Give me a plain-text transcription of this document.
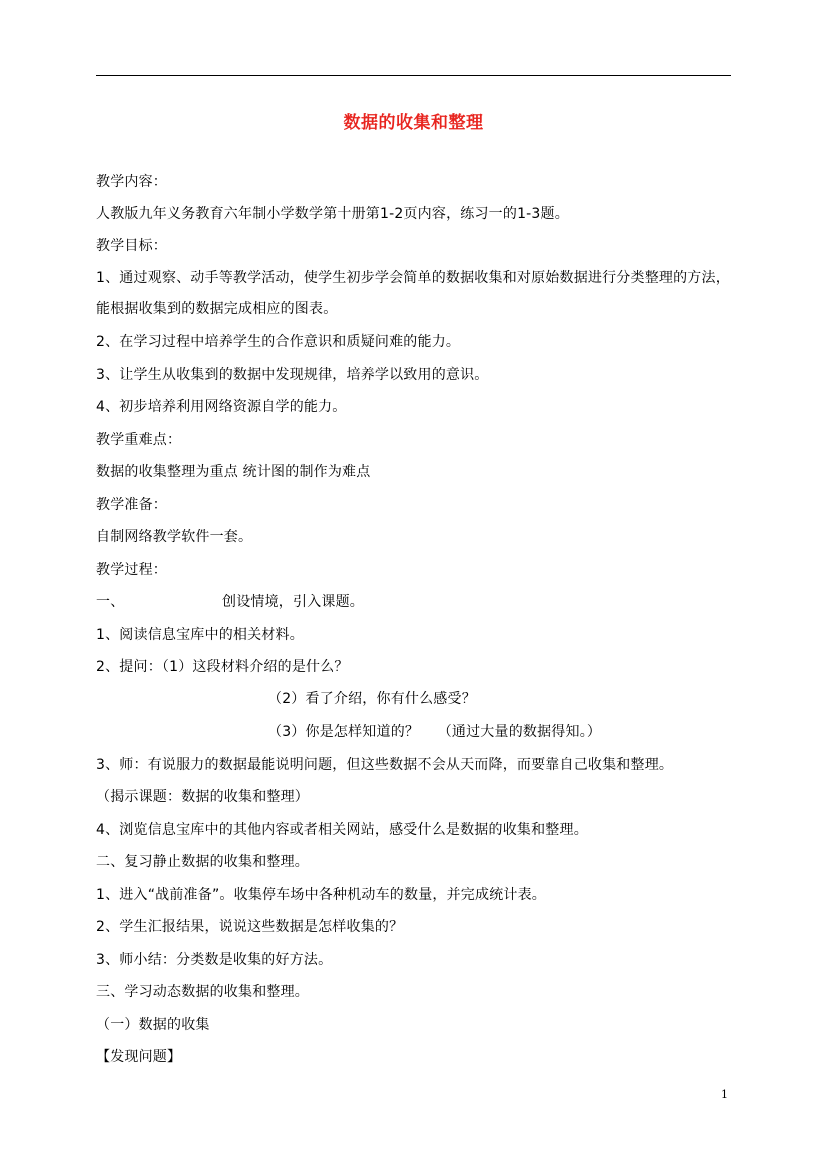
数据的收集和整理
教学内容：
人教版九年义务教育六年制小学数学第十册第1-2页内容，练习一的1-3题。
教学目标：
1、通过观察、动手等教学活动，使学生初步学会简单的数据收集和对原始数据进行分类整理的方法，
能根据收集到的数据完成相应的图表。
2、在学习过程中培养学生的合作意识和质疑问难的能力。
3、让学生从收集到的数据中发现规律，培养学以致用的意识。
4、初步培养利用网络资源自学的能力。
教学重难点：
数据的收集整理为重点 统计图的制作为难点
教学准备：
自制网络教学软件一套。
教学过程：
一、	创设情境，引入课题。
1、阅读信息宝库中的相关材料。
2、提问：（1）这段材料介绍的是什么？
（2）看了介绍，你有什么感受？
（3）你是怎样知道的？    （通过大量的数据得知。）
3、师：有说服力的数据最能说明问题，但这些数据不会从天而降，而要靠自己收集和整理。
（揭示课题：数据的收集和整理）
4、浏览信息宝库中的其他内容或者相关网站，感受什么是数据的收集和整理。
二、复习静止数据的收集和整理。
1、进入“战前准备”。收集停车场中各种机动车的数量，并完成统计表。
2、学生汇报结果，说说这些数据是怎样收集的？
3、师小结：分类数是收集的好方法。
三、学习动态数据的收集和整理。
（一）数据的收集
【发现问题】
1
